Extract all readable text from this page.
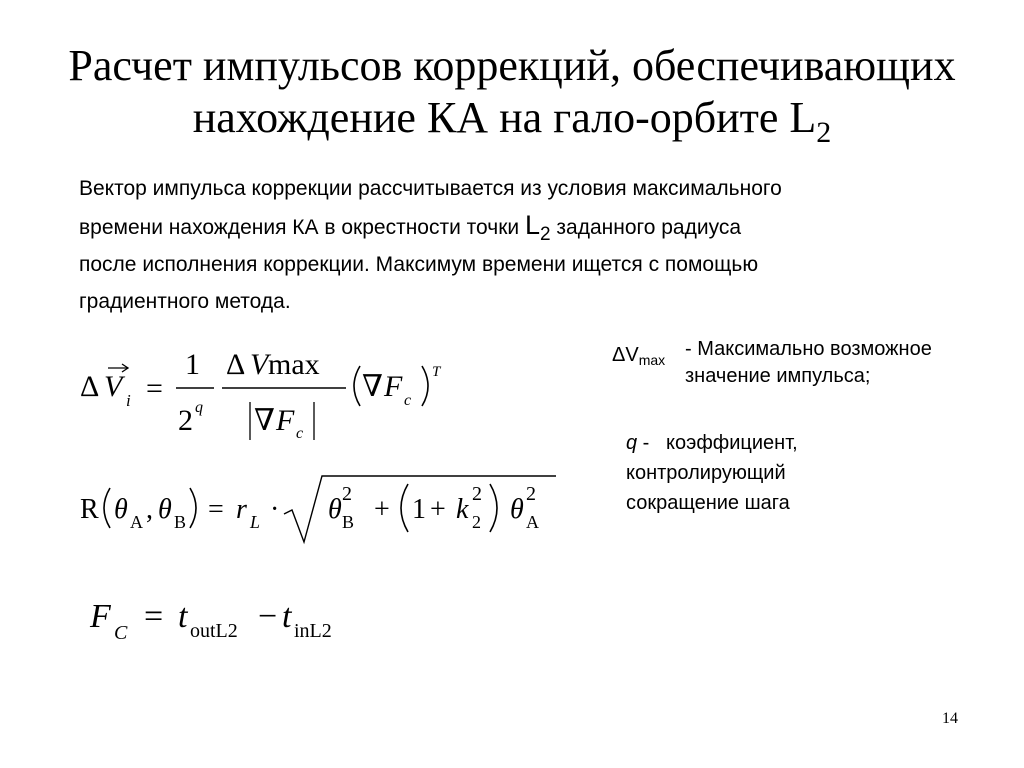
Расчет импульсов коррекций, обеспечивающих
нахождение КА на гало-орбите $L_2$
Вектор импульса коррекции рассчитывается из условия максимального
времени нахождения КА в окрестности точки $L_2$ заданного радиуса
после исполнения коррекции. Максимум времени ищется с помощью
градиентного метода.
Δ V i =
1
2 q
Δ V max
∇ F c
∇ F c
T
R θ A , θ B = r L · θ 2
B + 1 + k 2
2 θ 2
A
F C = t outL2 − t inL2
$\Delta V_{max}$ - Максимально возможное
значение импульса;
q -   коэффициент,
контролирующий
сокращение шага
14
